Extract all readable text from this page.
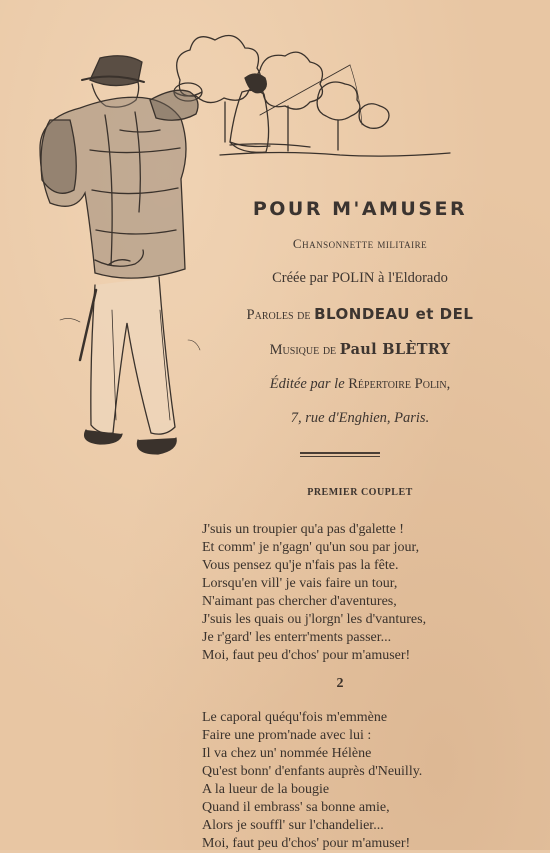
POUR M'AMUSER
Chansonnette militaire
Créée par POLIN à l'Eldorado
Paroles de BLONDEAU et DEL
Musique de Paul BLÈTRY
Éditée par le Répertoire Polin,
7, rue d'Enghien, Paris.
PREMIER COUPLET
J'suis un troupier qu'a pas d'galette !
Et comm' je n'gagn' qu'un sou par jour,
Vous pensez qu'je n'fais pas la fête.
Lorsqu'en vill' je vais faire un tour,
N'aimant pas chercher d'aventures,
J'suis les quais ou j'lorgn' les d'vantures,
Je r'gard' les enterr'ments passer...
Moi, faut peu d'chos' pour m'amuser!
2
Le caporal quéqu'fois m'emmène
Faire une prom'nade avec lui :
Il va chez un' nommée Hélène
Qu'est bonn' d'enfants auprès d'Neuilly.
A la lueur de la bougie
Quand il embrass' sa bonne amie,
Alors je souffl' sur l'chandelier...
Moi, faut peu d'chos' pour m'amuser!
